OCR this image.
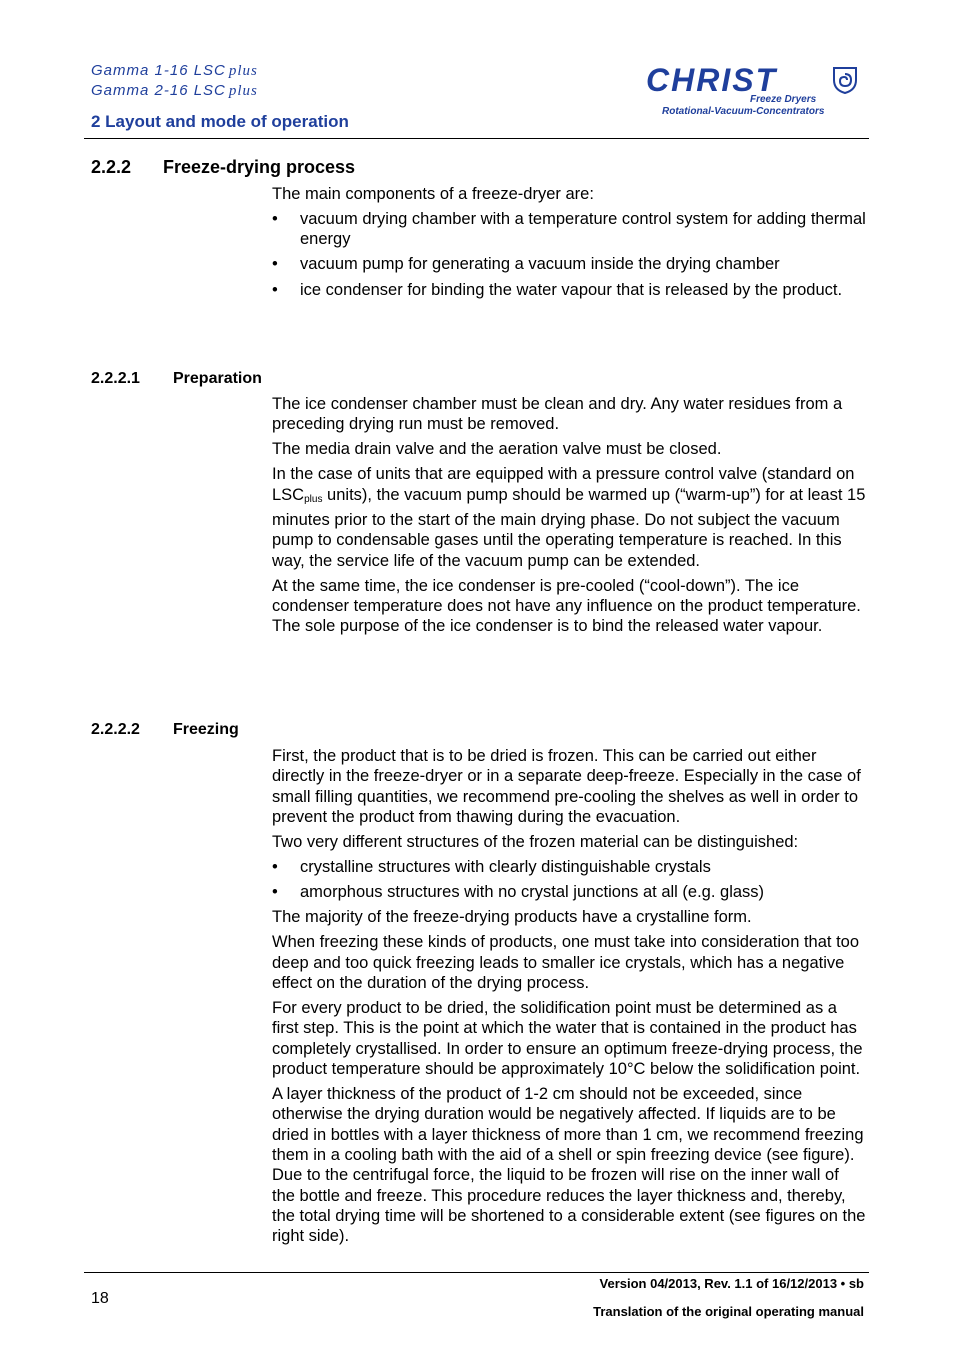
Gamma 1-16 LSC plus
Gamma 2-16 LSC plus
2 Layout and mode of operation
CHRIST
Freeze Dryers
Rotational-Vacuum-Concentrators
2.2.2 Freeze-drying process

The main components of a freeze-dryer are:

• vacuum drying chamber with a temperature control system for adding thermal energy
• vacuum pump for generating a vacuum inside the drying chamber
• ice condenser for binding the water vapour that is released by the product.
2.2.2.1 Preparation

The ice condenser chamber must be clean and dry. Any water residues from a preceding drying run must be removed.

The media drain valve and the aeration valve must be closed.

In the case of units that are equipped with a pressure control valve (standard on $LSC_{plus}$ units), the vacuum pump should be warmed up (“warm-up”) for at least 15 minutes prior to the start of the main drying phase. Do not subject the vacuum pump to condensable gases until the operating temperature is reached. In this way, the service life of the vacuum pump can be extended.

At the same time, the ice condenser is pre-cooled (“cool-down”). The ice condenser temperature does not have any influence on the product temperature. The sole purpose of the ice condenser is to bind the released water vapour.

2.2.2.2 Freezing

First, the product that is to be dried is frozen. This can be carried out either directly in the freeze-dryer or in a separate deep-freeze. Especially in the case of small filling quantities, we recommend pre-cooling the shelves as well in order to prevent the product from thawing during the evacuation.

Two very different structures of the frozen material can be distinguished:

• crystalline structures with clearly distinguishable crystals
• amorphous structures with no crystal junctions at all (e.g. glass)

The majority of the freeze-drying products have a crystalline form.

When freezing these kinds of products, one must take into consideration that too deep and too quick freezing leads to smaller ice crystals, which has a negative effect on the duration of the drying process.

For every product to be dried, the solidification point must be determined as a first step. This is the point at which the water that is contained in the product has completely crystallised. In order to ensure an optimum freeze-drying process, the product temperature should be approximately 10°C below the solidification point.

A layer thickness of the product of 1-2 cm should not be exceeded, since otherwise the drying duration would be negatively affected. If liquids are to be dried in bottles with a layer thickness of more than 1 cm, we recommend freezing them in a cooling bath with the aid of a shell or spin freezing device (see figure). Due to the centrifugal force, the liquid to be frozen will rise on the inner wall of the bottle and freeze. This procedure reduces the layer thickness and, thereby, the total drying time will be shortened to a considerable extent (see figures on the right side).

18
Version 04/2013, Rev. 1.1 of 16/12/2013 • sb
Translation of the original operating manual
